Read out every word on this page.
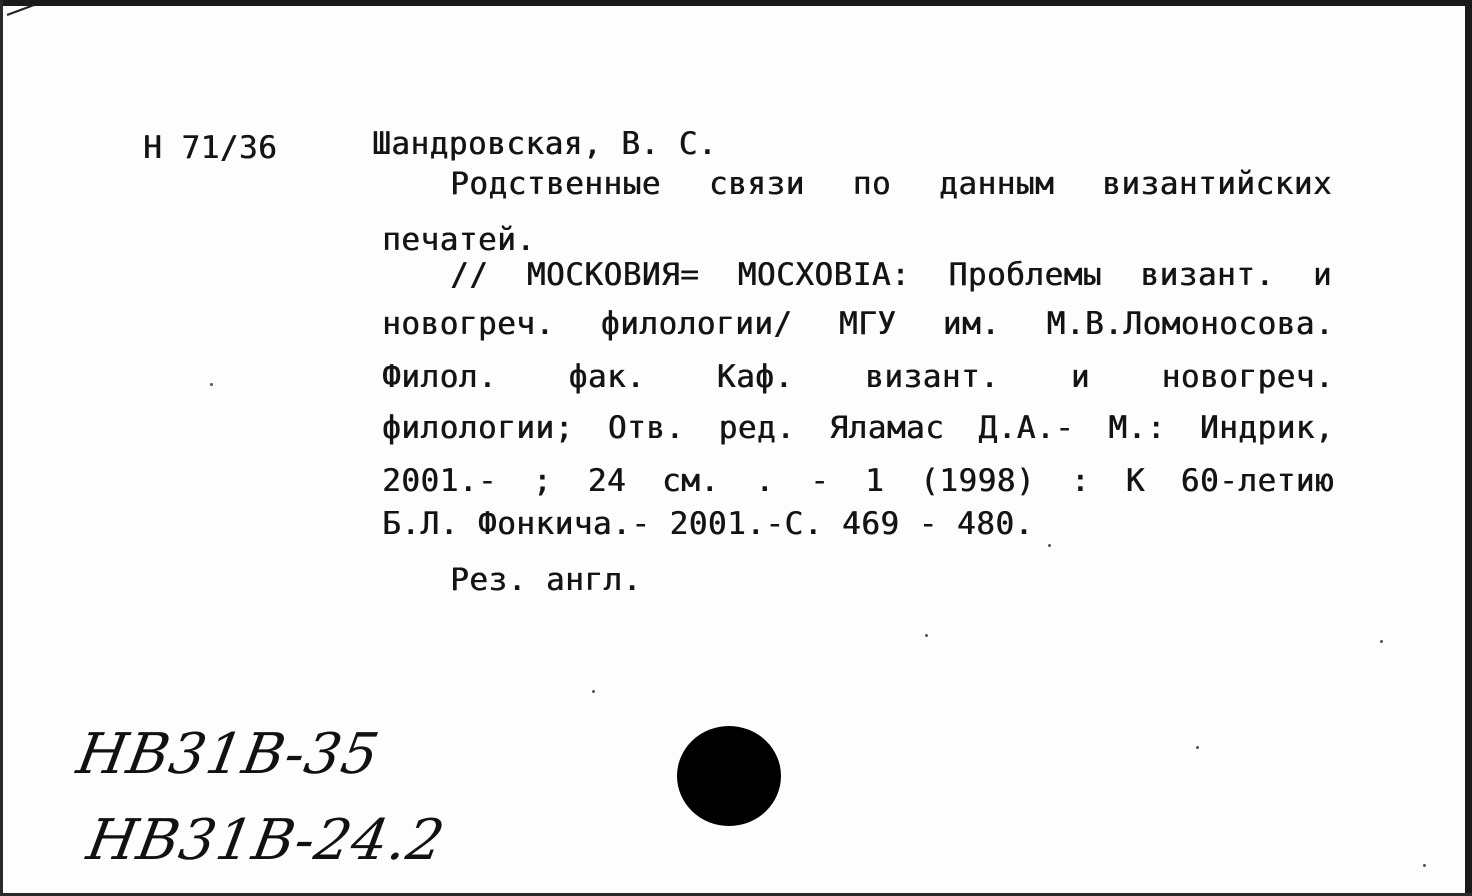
Н 71/36	Шандровская, В. С.
Родственные связи по данным византийских
печатей.
// МОСКОВИЯ= МОСХОВIA: Проблемы визант. и
новогреч. филологии/ МГУ им. М.В.Ломоносова.
Филол. фак. Каф. визант. и новогреч.
филологии; Отв. ред. Яламас Д.А.- М.: Индрик,
2001.- ; 24 см. . - 1 (1998) : К 60-летию
Б.Л. Фонкича.- 2001.-С. 469 - 480.
Рез. англ.
НВ31В-35
НВ31В-24.2
